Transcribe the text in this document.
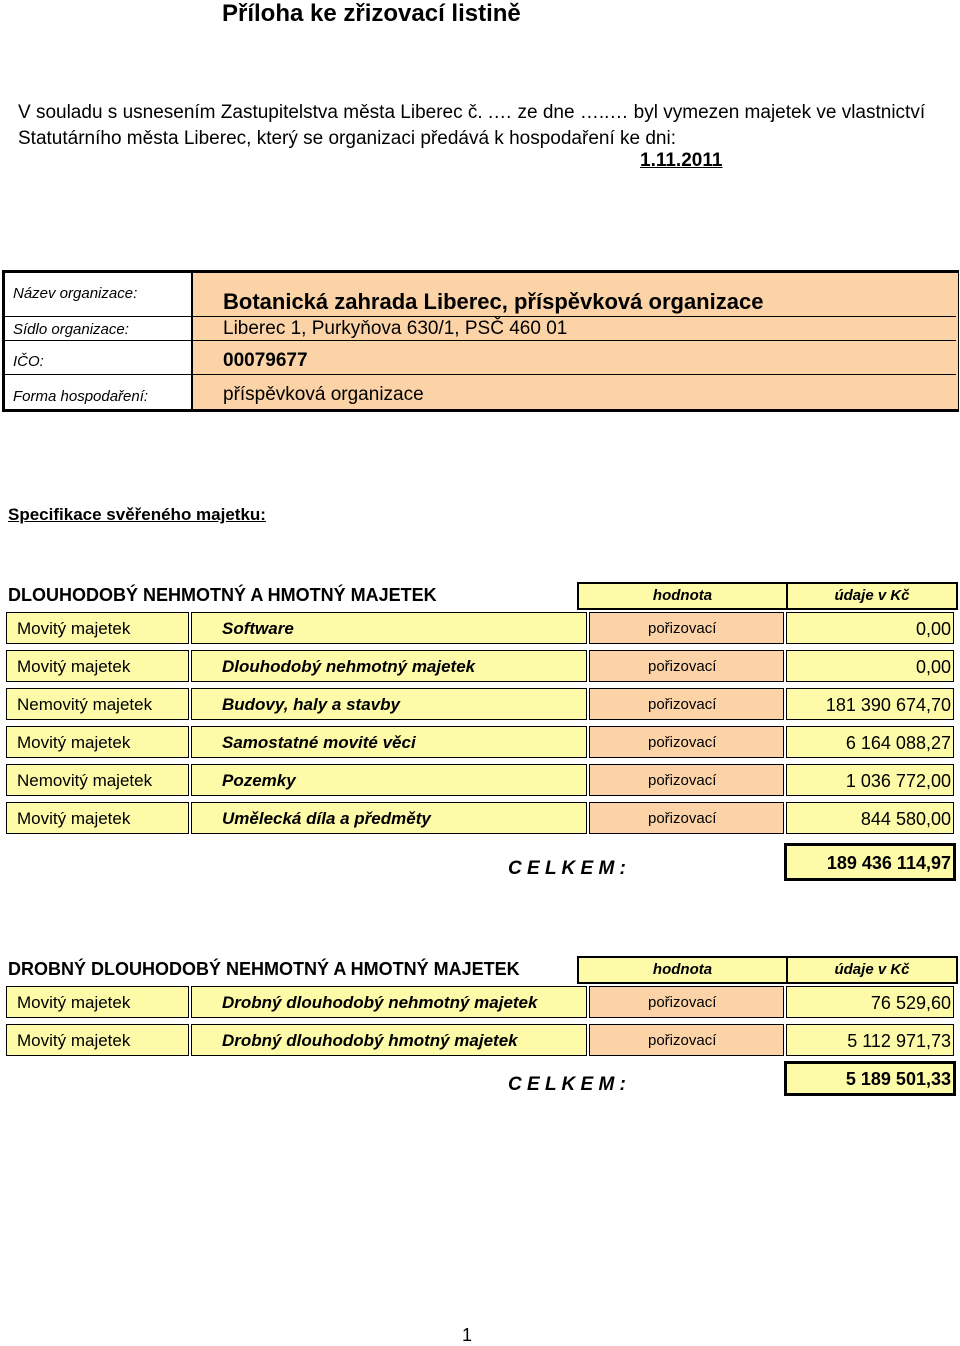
Příloha ke zřizovací listině
V souladu s usnesením Zastupitelstva města Liberec č. .… ze dne …..… byl vymezen majetek ve vlastnictví Statutárního města Liberec, který se organizaci předává k hospodaření ke dni:
1.11.2011
Název organizace:	Botanická zahrada Liberec, příspěvková organizace
Sídlo organizace:	Liberec 1, Purkyňova 630/1, PSČ 460 01
IČO:	00079677
Forma hospodaření:	příspěvková organizace
Specifikace svěřeného majetku:
DLOUHODOBÝ NEHMOTNÝ A HMOTNÝ MAJETEK	hodnota	údaje v Kč
Movitý majetek	Software	pořizovací	0,00
Movitý majetek	Dlouhodobý nehmotný majetek	pořizovací	0,00
Nemovitý majetek	Budovy, haly a stavby	pořizovací	181 390 674,70
Movitý majetek	Samostatné movité věci	pořizovací	6 164 088,27
Nemovitý majetek	Pozemky	pořizovací	1 036 772,00
Movitý majetek	Umělecká díla a předměty	pořizovací	844 580,00
C E L K E M :	189 436 114,97
DROBNÝ DLOUHODOBÝ NEHMOTNÝ A HMOTNÝ MAJETEK	hodnota	údaje v Kč
Movitý majetek	Drobný dlouhodobý nehmotný majetek	pořizovací	76 529,60
Movitý majetek	Drobný dlouhodobý hmotný majetek	pořizovací	5 112 971,73
C E L K E M :	5 189 501,33
1
